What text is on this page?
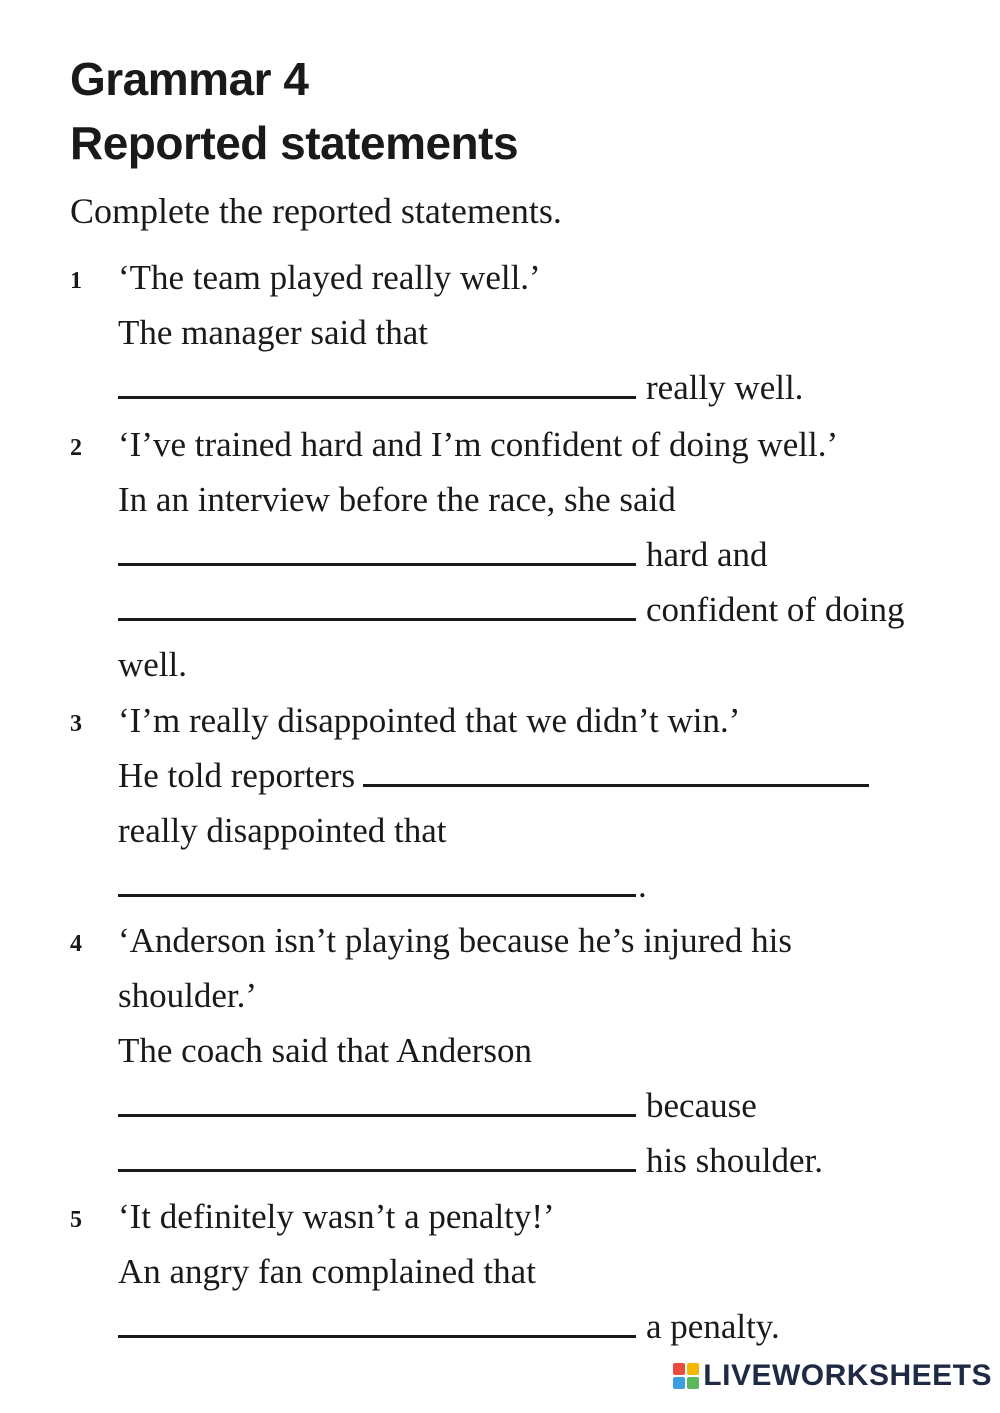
Grammar 4
Reported statements
Complete the reported statements.
1 ‘The team played really well.’
The manager said that
really well.
2 ‘I’ve trained hard and I’m confident of doing well.’
In an interview before the race, she said
hard and
confident of doing
well.
3 ‘I’m really disappointed that we didn’t win.’
He told reporters
really disappointed that
.
4 ‘Anderson isn’t playing because he’s injured his
shoulder.’
The coach said that Anderson
because
his shoulder.
5 ‘It definitely wasn’t a penalty!’
An angry fan complained that
a penalty.
LIVEWORKSHEETS
